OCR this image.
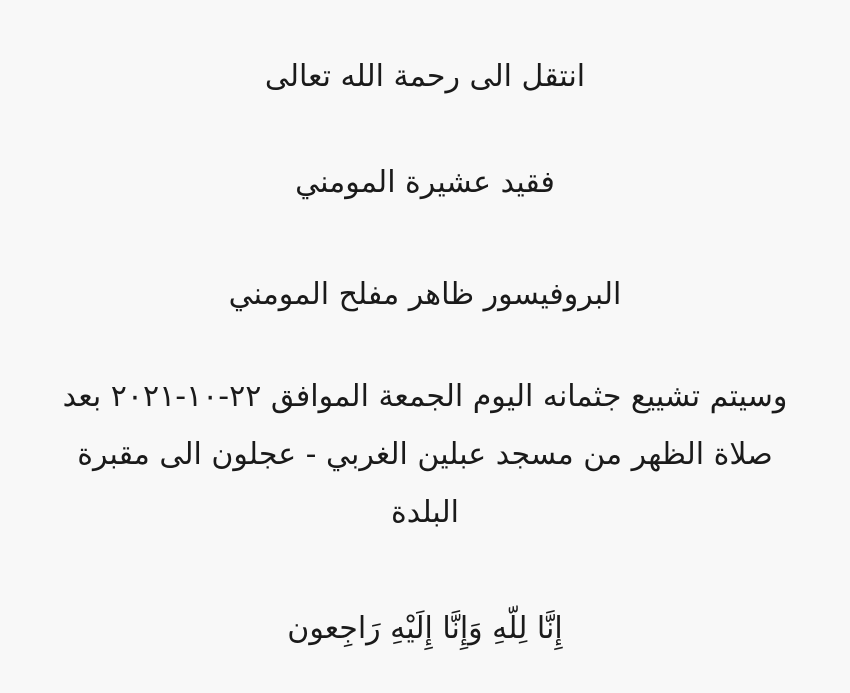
انتقل الى رحمة الله تعالى
فقيد عشيرة المومني
البروفيسور ظاهر مفلح المومني
وسيتم تشييع جثمانه اليوم الجمعة الموافق ٢٢-١٠-٢٠٢١ بعد
صلاة الظهر من مسجد عبلين الغربي - عجلون الى مقبرة
البلدة
إِنَّا لِلّهِ وَإِنَّا إِلَيْهِ رَاجِعون
